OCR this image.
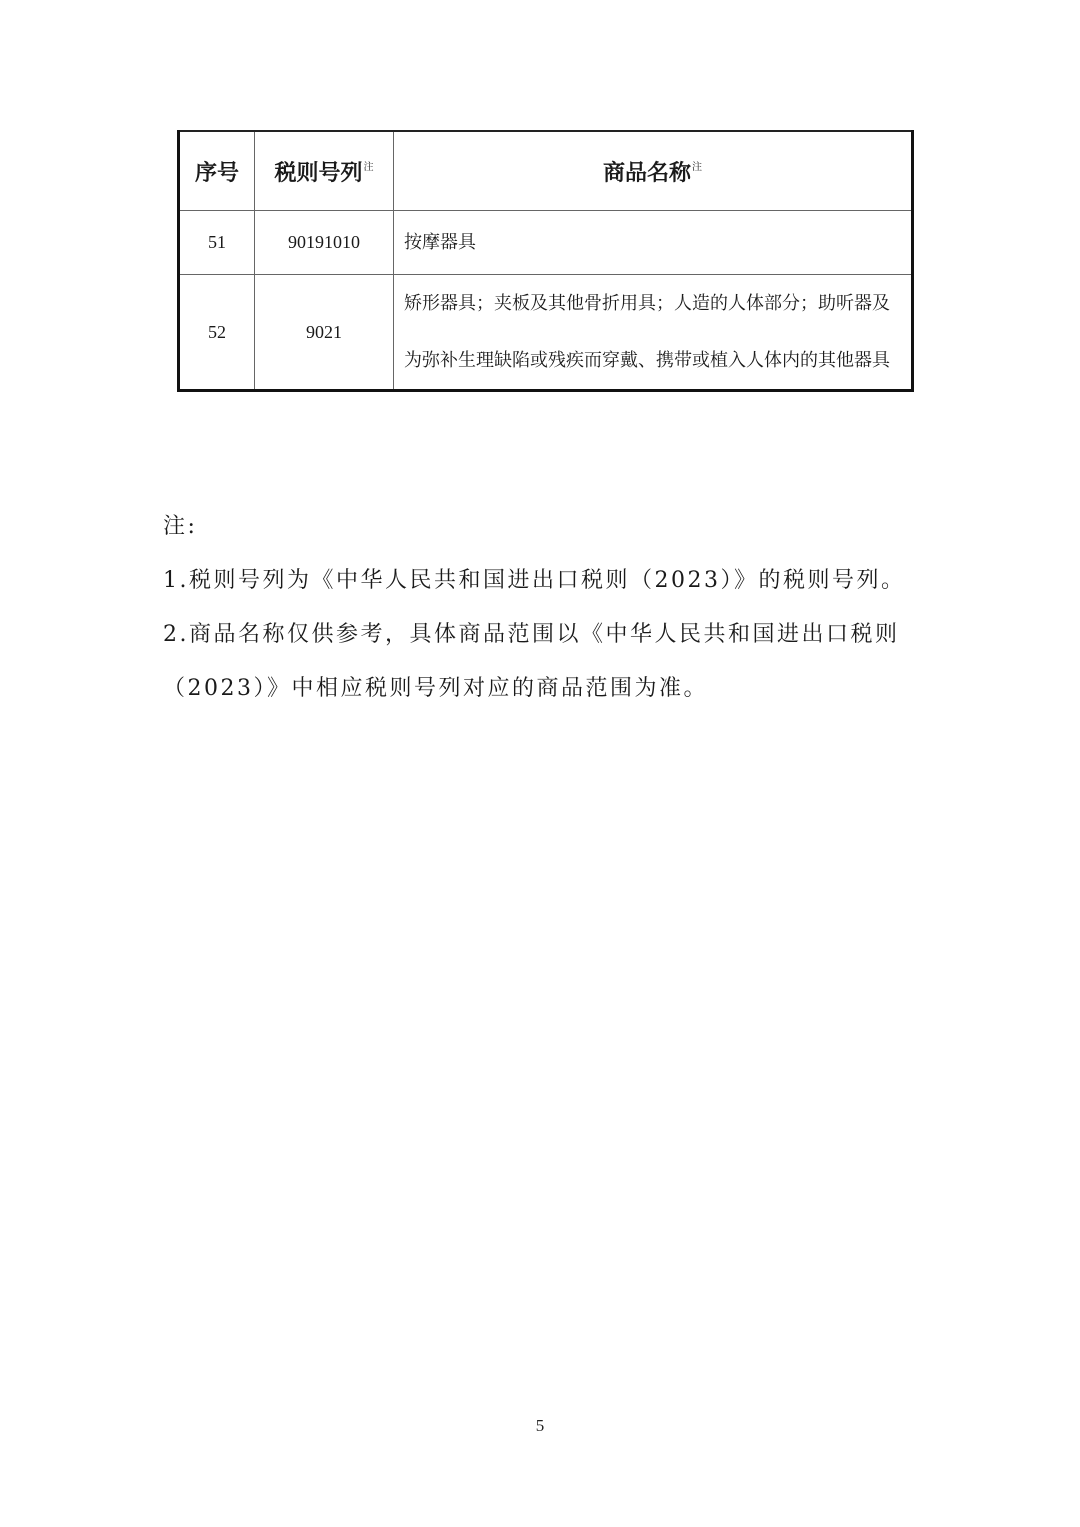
序号	税则号列$^注$	商品名称$^注$
51	90191010	按摩器具
52	9021	矫形器具；夹板及其他骨折用具；人造的人体部分；助听器及为弥补生理缺陷或残疾而穿戴、携带或植入人体内的其他器具

注:

1.税则号列为《中华人民共和国进出口税则（2023）》的税则号列。

2.商品名称仅供参考，具体商品范围以《中华人民共和国进出口税则（2023）》中相应税则号列对应的商品范围为准。

5
